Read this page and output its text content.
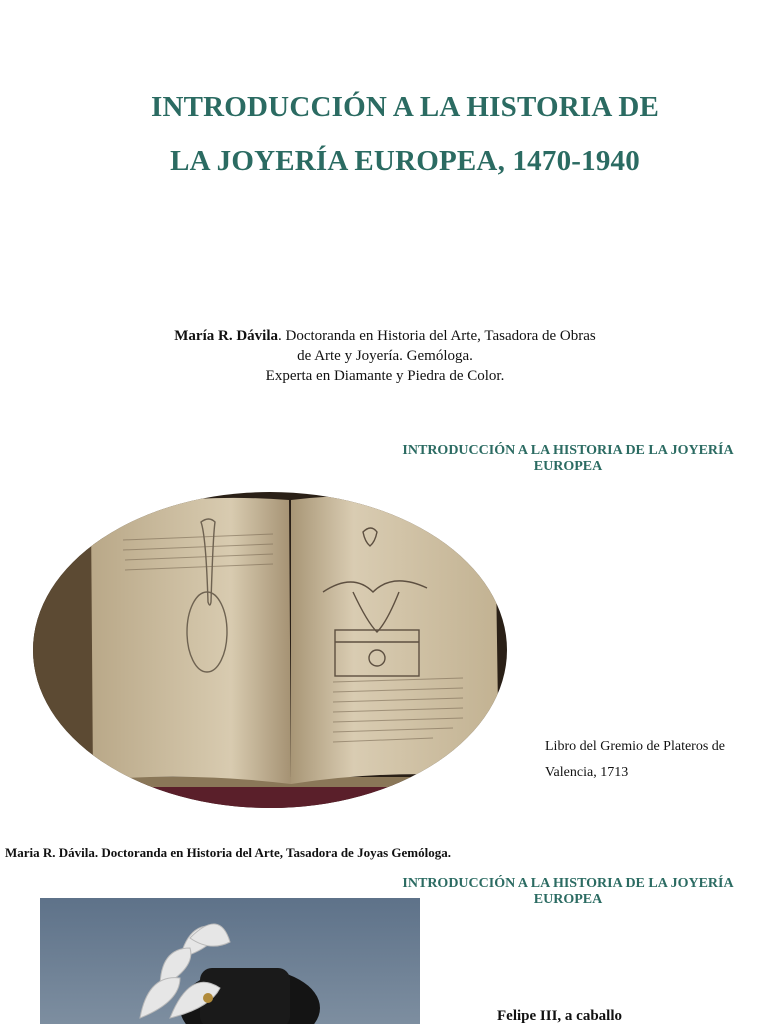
INTRODUCCIÓN A LA HISTORIA DE
LA JOYERÍA EUROPEA, 1470-1940
María R. Dávila. Doctoranda en Historia del Arte, Tasadora de Obras
de Arte y Joyería. Gemóloga.
Experta en Diamante y Piedra de Color.
INTRODUCCIÓN A LA HISTORIA DE LA JOYERÍA
EUROPEA
Libro del Gremio de Plateros de
Valencia, 1713
Maria R. Dávila. Doctoranda en Historia del Arte, Tasadora de Joyas Gemóloga.
INTRODUCCIÓN A LA HISTORIA DE LA JOYERÍA
EUROPEA
Felipe III, a caballo
